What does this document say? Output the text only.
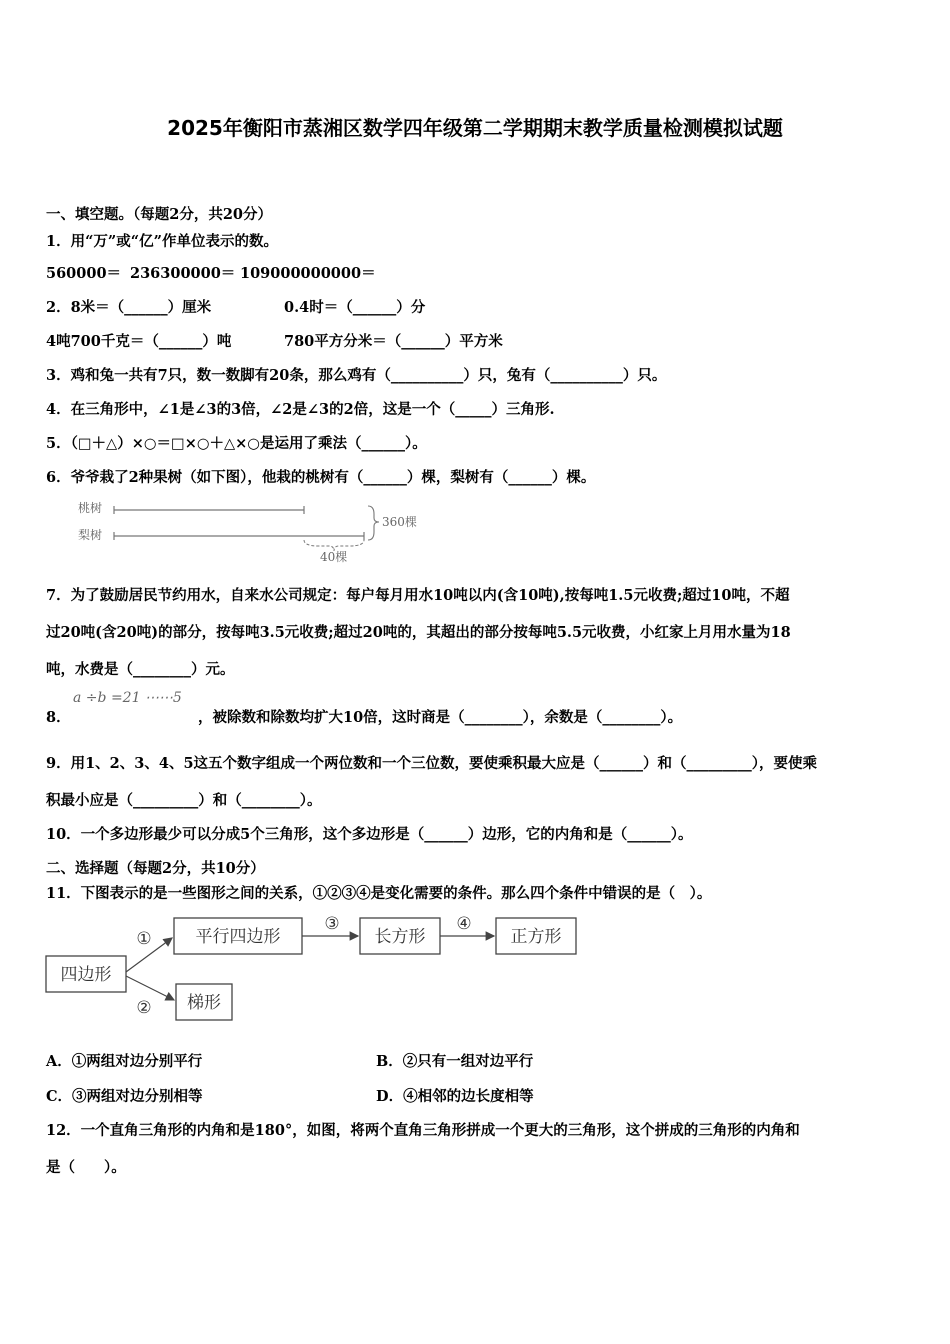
2025年衡阳市蒸湘区数学四年级第二学期期末教学质量检测模拟试题
一、填空题。（每题2分，共20分）
1．用“万”或“亿”作单位表示的数。
560000＝ 236300000＝ 109000000000＝
2．8米＝（______）厘米	0.4时＝（______）分
4吨700千克＝（______）吨	780平方分米＝（______）平方米
3．鸡和兔一共有7只，数一数脚有20条，那么鸡有（__________）只，兔有（__________）只。
4．在三角形中，∠1是∠3的3倍，∠2是∠3的2倍，这是一个（_____）三角形.
5．（□＋△）×○＝□×○＋△×○是运用了乘法（______）。
6．爷爷栽了2种果树（如下图），他栽的桃树有（______）棵，梨树有（______）棵。
桃树
梨树
40棵
360棵
7．为了鼓励居民节约用水，自来水公司规定：每户每月用水10吨以内(含10吨),按每吨1.5元收费;超过10吨，不超
过20吨(含20吨)的部分，按每吨3.5元收费;超过20吨的，其超出的部分按每吨5.5元收费，小红家上月用水量为18
吨，水费是（________）元。
8．
a ÷b =21 ⋯⋯5
，被除数和除数均扩大10倍，这时商是（________），余数是（________）。
9．用1、2、3、4、5这五个数字组成一个两位数和一个三位数，要使乘积最大应是（______）和（_________），要使乘
积最小应是（_________）和（________）。
10．一个多边形最少可以分成5个三角形，这个多边形是（______）边形，它的内角和是（______）。
二、选择题（每题2分，共10分）
11．下图表示的是一些图形之间的关系，①②③④是变化需要的条件。那么四个条件中错误的是（　）。
四边形
平行四边形	长方形	正方形
梯形
①
②
③	④
A．①两组对边分别平行	B．②只有一组对边平行
C．③两组对边分别相等	D．④相邻的边长度相等
12．一个直角三角形的内角和是180°，如图，将两个直角三角形拼成一个更大的三角形，这个拼成的三角形的内角和
是（　　）。
